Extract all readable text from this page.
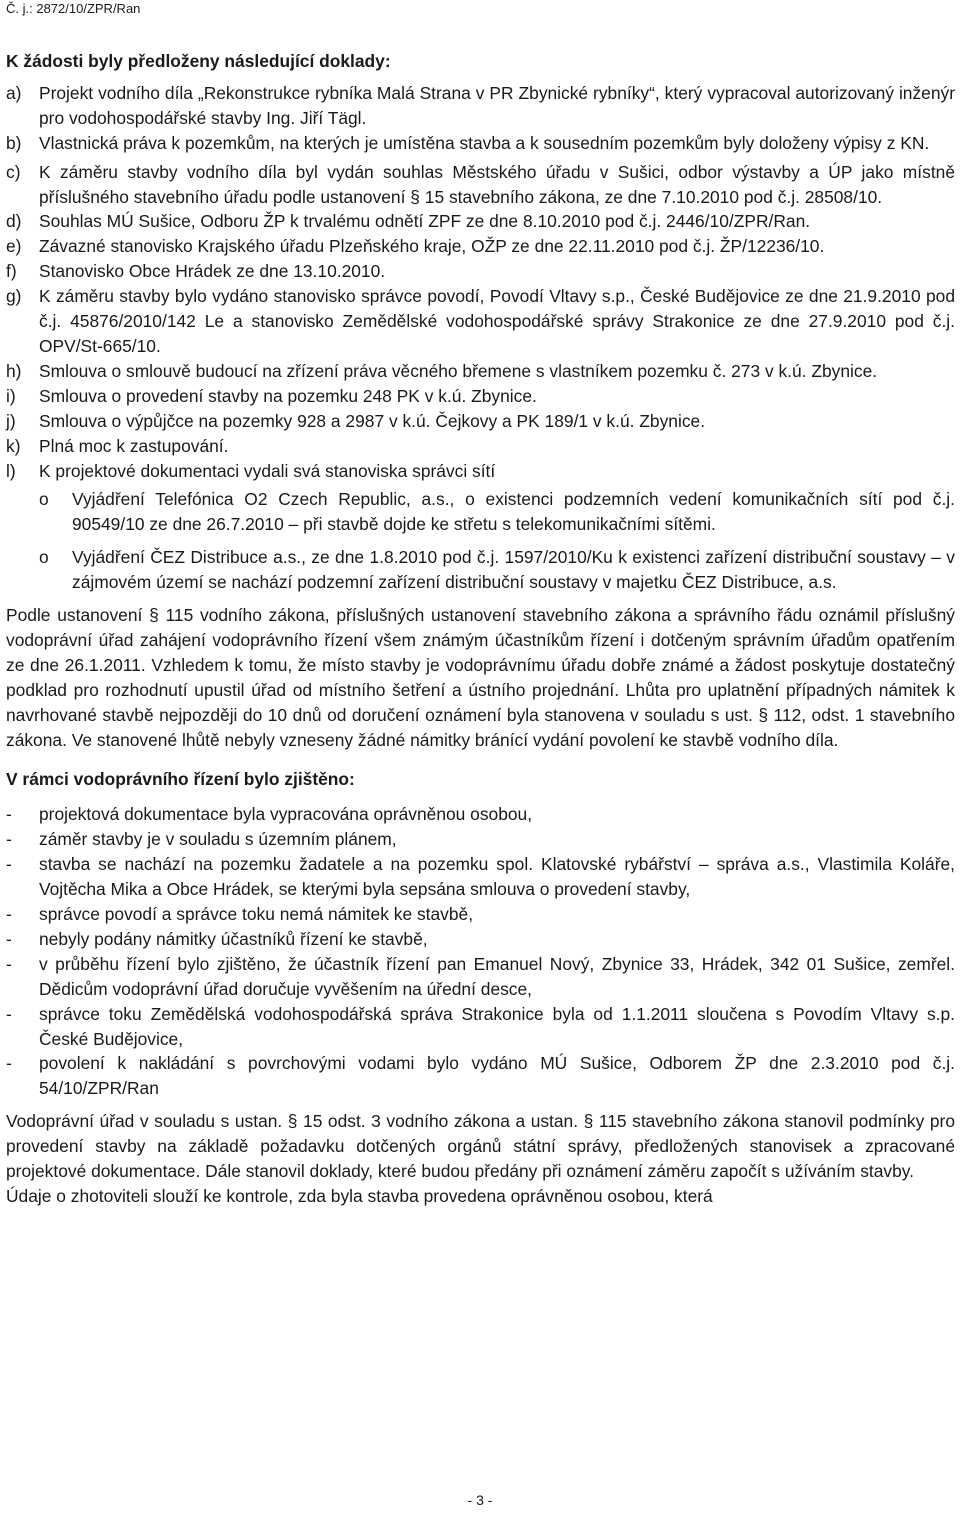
Č. j.: 2872/10/ZPR/Ran
K žádosti byly předloženy následující doklady:
a)	Projekt vodního díla „Rekonstrukce rybníka Malá Strana v PR Zbynické rybníky“, který vypracoval autorizovaný inženýr pro vodohospodářské stavby Ing. Jiří Tägl.
b)	Vlastnická práva k pozemkům, na kterých je umístěna stavba a k sousedním pozemkům byly doloženy výpisy z KN.
c)	K záměru stavby vodního díla byl vydán souhlas Městského úřadu v Sušici, odbor výstavby a ÚP jako místně příslušného stavebního úřadu podle ustanovení § 15 stavebního zákona, ze dne 7.10.2010 pod č.j. 28508/10.
d)	Souhlas MÚ Sušice, Odboru ŽP k trvalému odnětí ZPF ze dne 8.10.2010 pod č.j. 2446/10/ZPR/Ran.
e)	Závazné stanovisko Krajského úřadu Plzeňského kraje, OŽP ze dne 22.11.2010 pod č.j. ŽP/12236/10.
f)	Stanovisko Obce Hrádek ze dne 13.10.2010.
g)	K záměru stavby bylo vydáno stanovisko správce povodí, Povodí Vltavy s.p., České Budějovice ze dne 21.9.2010 pod č.j. 45876/2010/142 Le a stanovisko Zemědělské vodohospodářské správy Strakonice ze dne 27.9.2010 pod č.j. OPV/St-665/10.
h)	Smlouva o smlouvě budoucí na zřízení práva věcného břemene s vlastníkem pozemku č. 273 v k.ú. Zbynice.
i)	Smlouva o provedení stavby na pozemku 248 PK v k.ú. Zbynice.
j)	Smlouva o výpůjčce na pozemky 928 a 2987 v k.ú. Čejkovy a PK 189/1 v k.ú. Zbynice.
k)	Plná moc k zastupování.
l)	K projektové dokumentaci vydali svá stanoviska správci sítí
o	Vyjádření Telefónica O2 Czech Republic, a.s., o existenci podzemních vedení komunikačních sítí pod č.j. 90549/10 ze dne 26.7.2010 – při stavbě dojde ke střetu s telekomunikačními sítěmi.
o	Vyjádření ČEZ Distribuce a.s., ze dne 1.8.2010 pod č.j. 1597/2010/Ku k existenci zařízení distribuční soustavy – v zájmovém území se nachází podzemní zařízení distribuční soustavy v majetku ČEZ Distribuce, a.s.
Podle ustanovení § 115 vodního zákona, příslušných ustanovení stavebního zákona a správního řádu oznámil příslušný vodoprávní úřad zahájení vodoprávního řízení všem známým účastníkům řízení i dotčeným správním úřadům opatřením ze dne 26.1.2011. Vzhledem k tomu, že místo stavby je vodoprávnímu úřadu dobře známé a žádost poskytuje dostatečný podklad pro rozhodnutí upustil úřad od místního šetření a ústního projednání. Lhůta pro uplatnění případných námitek k navrhované stavbě nejpozději do 10 dnů od doručení oznámení byla stanovena v souladu s ust. § 112, odst. 1 stavebního zákona. Ve stanovené lhůtě nebyly vzneseny žádné námitky bránící vydání povolení ke stavbě vodního díla.
V rámci vodoprávního řízení bylo zjištěno:
-	projektová dokumentace byla vypracována oprávněnou osobou,
-	záměr stavby je v souladu s územním plánem,
-	stavba se nachází na pozemku žadatele a na pozemku spol. Klatovské rybářství – správa a.s., Vlastimila Koláře, Vojtěcha Mika a Obce Hrádek, se kterými byla sepsána smlouva o provedení stavby,
-	správce povodí a správce toku nemá námitek ke stavbě,
-	nebyly podány námitky účastníků řízení ke stavbě,
-	v průběhu řízení bylo zjištěno, že účastník řízení pan Emanuel Nový, Zbynice 33, Hrádek, 342 01 Sušice, zemřel. Dědicům vodoprávní úřad doručuje vyvěšením na úřední desce,
-	správce toku Zemědělská vodohospodářská správa Strakonice byla od 1.1.2011 sloučena s Povodím Vltavy s.p. České Budějovice,
-	povolení k nakládání s povrchovými vodami bylo vydáno MÚ Sušice, Odborem ŽP dne 2.3.2010 pod č.j. 54/10/ZPR/Ran
Vodoprávní úřad v souladu s ustan. § 15 odst. 3 vodního zákona a ustan. § 115 stavebního zákona stanovil podmínky pro provedení stavby na základě požadavku dotčených orgánů státní správy, předložených stanovisek a zpracované projektové dokumentace. Dále stanovil doklady, které budou předány při oznámení záměru započít s užíváním stavby.
Údaje o zhotoviteli slouží ke kontrole, zda byla stavba provedena oprávněnou osobou, která
- 3 -
